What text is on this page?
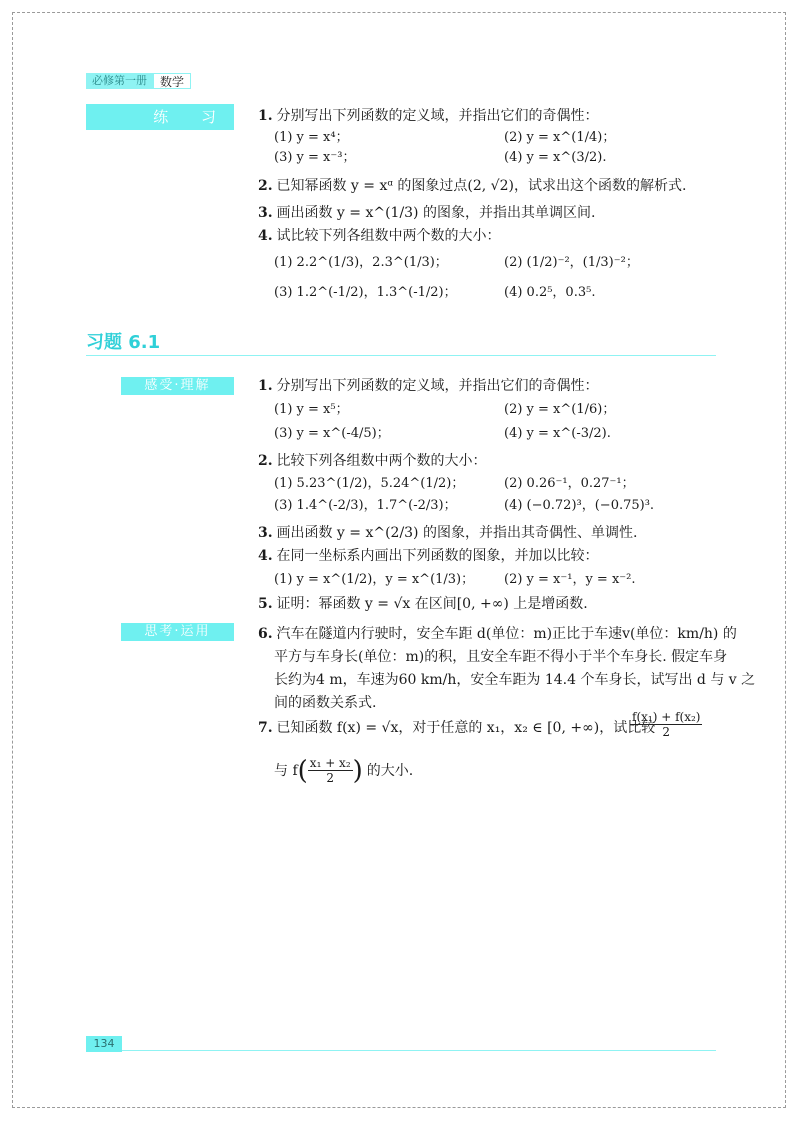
必修第一册	数学
练 习 1. 分别写出下列函数的定义域，并指出它们的奇偶性：
(1) y = x⁴；	(2) y = x^(1/4)；
(3) y = x⁻³；	(4) y = x^(3/2).
2. 已知幂函数 y = xᵅ 的图象过点(2, √2)，试求出这个函数的解析式.
3. 画出函数 y = x^(1/3) 的图象，并指出其单调区间.
4. 试比较下列各组数中两个数的大小：
(1) 2.2^(1/3)，2.3^(1/3)；	(2) (1/2)⁻²，(1/3)⁻²；
(3) 1.2^(-1/2)，1.3^(-1/2)；	(4) 0.2⁵，0.3⁵.
习题 6.1
感受·理解	1. 分别写出下列函数的定义域，并指出它们的奇偶性：
(1) y = x⁵；	(2) y = x^(1/6)；
(3) y = x^(-4/5)；	(4) y = x^(-3/2).
2. 比较下列各组数中两个数的大小：
(1) 5.23^(1/2)，5.24^(1/2)；	(2) 0.26⁻¹，0.27⁻¹；
(3) 1.4^(-2/3)，1.7^(-2/3)；	(4) (−0.72)³，(−0.75)³.
3. 画出函数 y = x^(2/3) 的图象，并指出其奇偶性、单调性.
4. 在同一坐标系内画出下列函数的图象，并加以比较：
(1) y = x^(1/2)，y = x^(1/3)； (2) y = x⁻¹，y = x⁻².
5. 证明：幂函数 y = √x 在区间[0, +∞) 上是增函数.
思考·运用	6. 汽车在隧道内行驶时，安全车距 d(单位：m)正比于车速v(单位：km/h) 的
平方与车身长(单位：m)的积，且安全车距不得小于半个车身长. 假定车身
长约为4 m，车速为60 km/h，安全车距为 14.4 个车身长，试写出 d 与 v 之
间的函数关系式.
7. 已知函数 f(x) = √x，对于任意的 x₁，x₂ ∈ [0, +∞)，试比较
$\frac{\text{f(x₁) + f(x₂)}}{2}$
与 f ( $\frac{\text{x₁ + x₂}}{2}$ ) 的大小.
134
